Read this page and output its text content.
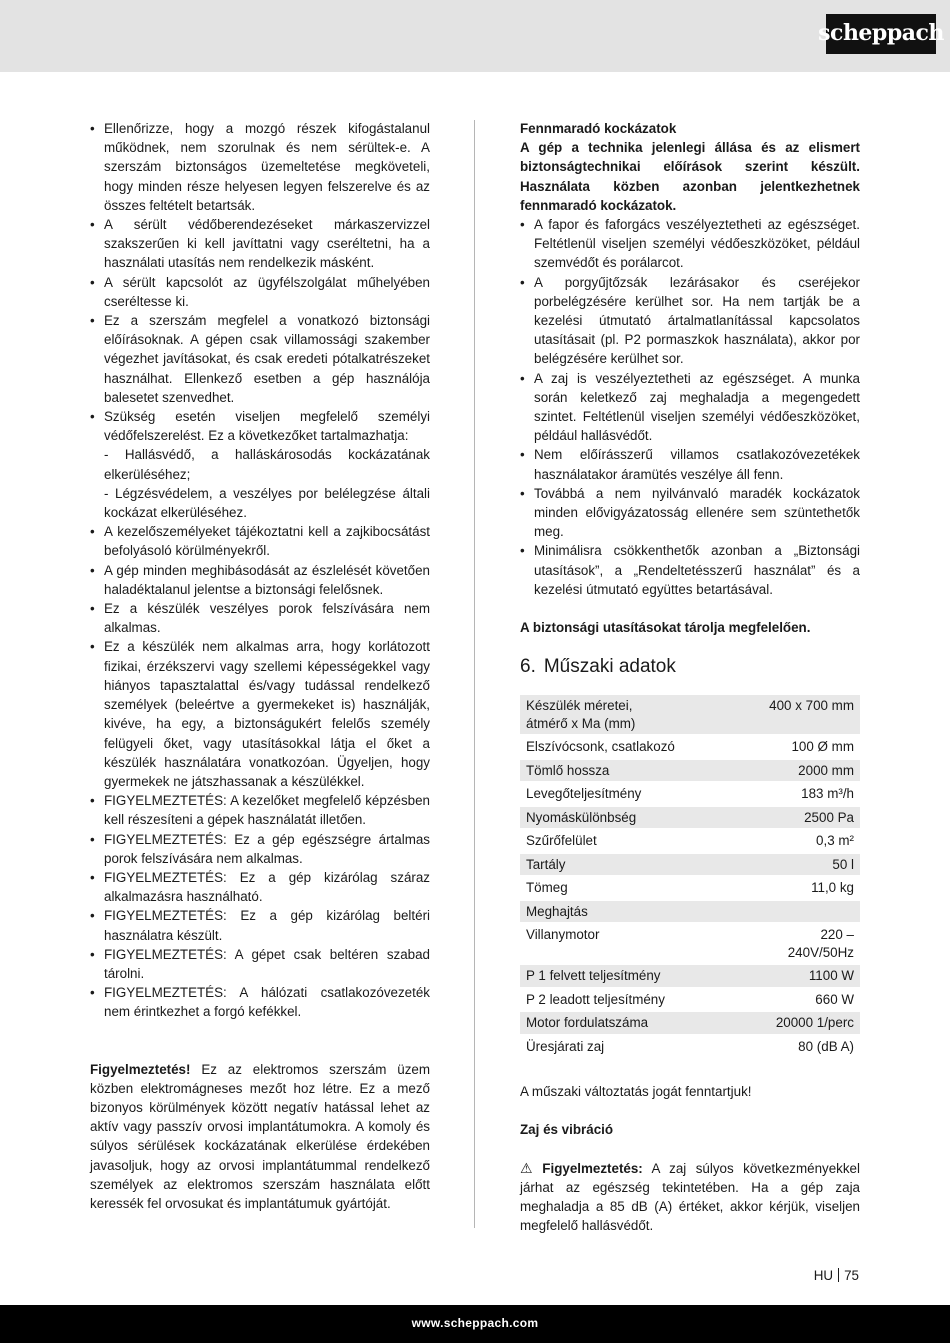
scheppach
• Ellenőrizze, hogy a mozgó részek kifogástalanul működnek, nem szorulnak és nem sérültek-e. A szerszám biztonságos üzemeltetése megköveteli, hogy minden része helyesen legyen felszerelve és az összes feltételt betartsák.
• A sérült védőberendezéseket márkaszervizzel szakszerűen ki kell javíttatni vagy cseréltetni, ha a használati utasítás nem rendelkezik másként.
• A sérült kapcsolót az ügyfélszolgálat műhelyében cseréltesse ki.
• Ez a szerszám megfelel a vonatkozó biztonsági előírásoknak. A gépen csak villamossági szakember végezhet javításokat, és csak eredeti pótalkatrészeket használhat. Ellenkező esetben a gép használója balesetet szenvedhet.
• Szükség esetén viseljen megfelelő személyi védőfelszerelést. Ez a következőket tartalmazhatja:
- Hallásvédő, a halláskárosodás kockázatának elkerüléséhez;
- Légzésvédelem, a veszélyes por belélegzése általi kockázat elkerüléséhez.
• A kezelőszemélyeket tájékoztatni kell a zajkibocsátást befolyásoló körülményekről.
• A gép minden meghibásodását az észlelését követően haladéktalanul jelentse a biztonsági felelősnek.
• Ez a készülék veszélyes porok felszívására nem alkalmas.
• Ez a készülék nem alkalmas arra, hogy korlátozott fizikai, érzékszervi vagy szellemi képességekkel vagy hiányos tapasztalattal és/vagy tudással rendelkező személyek (beleértve a gyermekeket is) használják, kivéve, ha egy, a biztonságukért felelős személy felügyeli őket, vagy utasításokkal látja el őket a készülék használatára vonatkozóan. Ügyeljen, hogy gyermekek ne játszhassanak a készülékkel.
• FIGYELMEZTETÉS: A kezelőket megfelelő képzésben kell részesíteni a gépek használatát illetően.
• FIGYELMEZTETÉS: Ez a gép egészségre ártalmas porok felszívására nem alkalmas.
• FIGYELMEZTETÉS: Ez a gép kizárólag száraz alkalmazásra használható.
• FIGYELMEZTETÉS: Ez a gép kizárólag beltéri használatra készült.
• FIGYELMEZTETÉS: A gépet csak beltéren szabad tárolni.
• FIGYELMEZTETÉS: A hálózati csatlakozóvezeték nem érintkezhet a forgó kefékkel.

Figyelmeztetés! Ez az elektromos szerszám üzem közben elektromágneses mezőt hoz létre. Ez a mező bizonyos körülmények között negatív hatással lehet az aktív vagy passzív orvosi implantátumokra. A komoly és súlyos sérülések kockázatának elkerülése érdekében javasoljuk, hogy az orvosi implantátummal rendelkező személyek az elektromos szerszám használata előtt keressék fel orvosukat és implantátumuk gyártóját.

Fennmaradó kockázatok

A gép a technika jelenlegi állása és az elismert biztonságtechnikai előírások szerint készült. Használata közben azonban jelentkezhetnek fennmaradó kockázatok.

• A fapor és faforgács veszélyeztetheti az egészséget. Feltétlenül viseljen személyi védőeszközöket, például szemvédőt és porálarcot.
• A porgyűjtőzsák lezárásakor és cseréjekor porbelégzésére kerülhet sor. Ha nem tartják be a kezelési útmutató ártalmatlanítással kapcsolatos utasításait (pl. P2 pormaszkok használata), akkor por belégzésére kerülhet sor.
• A zaj is veszélyeztetheti az egészséget. A munka során keletkező zaj meghaladja a megengedett szintet. Feltétlenül viseljen személyi védőeszközöket, például hallásvédőt.
• Nem előírásszerű villamos csatlakozóvezetékek használatakor áramütés veszélye áll fenn.
• Továbbá a nem nyilvánvaló maradék kockázatok minden elővigyázatosság ellenére sem szüntethetők meg.
• Minimálisra csökkenthetők azonban a „Biztonsági utasítások”, a „Rendeltetésszerű használat” és a kezelési útmutató együttes betartásával.

A biztonsági utasításokat tárolja megfelelően.

6. Műszaki adatok
Készülék méretei,
átmérő x Ma (mm)	400 x 700 mm
Elszívócsonk, csatlakozó	100 Ø mm
Tömlő hossza	2000 mm
Levegőteljesítmény	183 m³/h
Nyomáskülönbség	2500 Pa
Szűrőfelület	0,3 m²
Tartály	50 l
Tömeg	11,0 kg
Meghajtás	
Villanymotor	220 –
240V/50Hz
P 1 felvett teljesítmény	1100 W
P 2 leadott teljesítmény	660 W
Motor fordulatszáma	20000 1/perc
Üresjárati zaj	80 (dB A)

A műszaki változtatás jogát fenntartjuk!

Zaj és vibráció

⚠ Figyelmeztetés: A zaj súlyos következményekkel járhat az egészség tekintetében. Ha a gép zaja meghaladja a 85 dB (A) értéket, akkor kérjük, viseljen megfelelő hallásvédőt.

HU 75
www.scheppach.com
